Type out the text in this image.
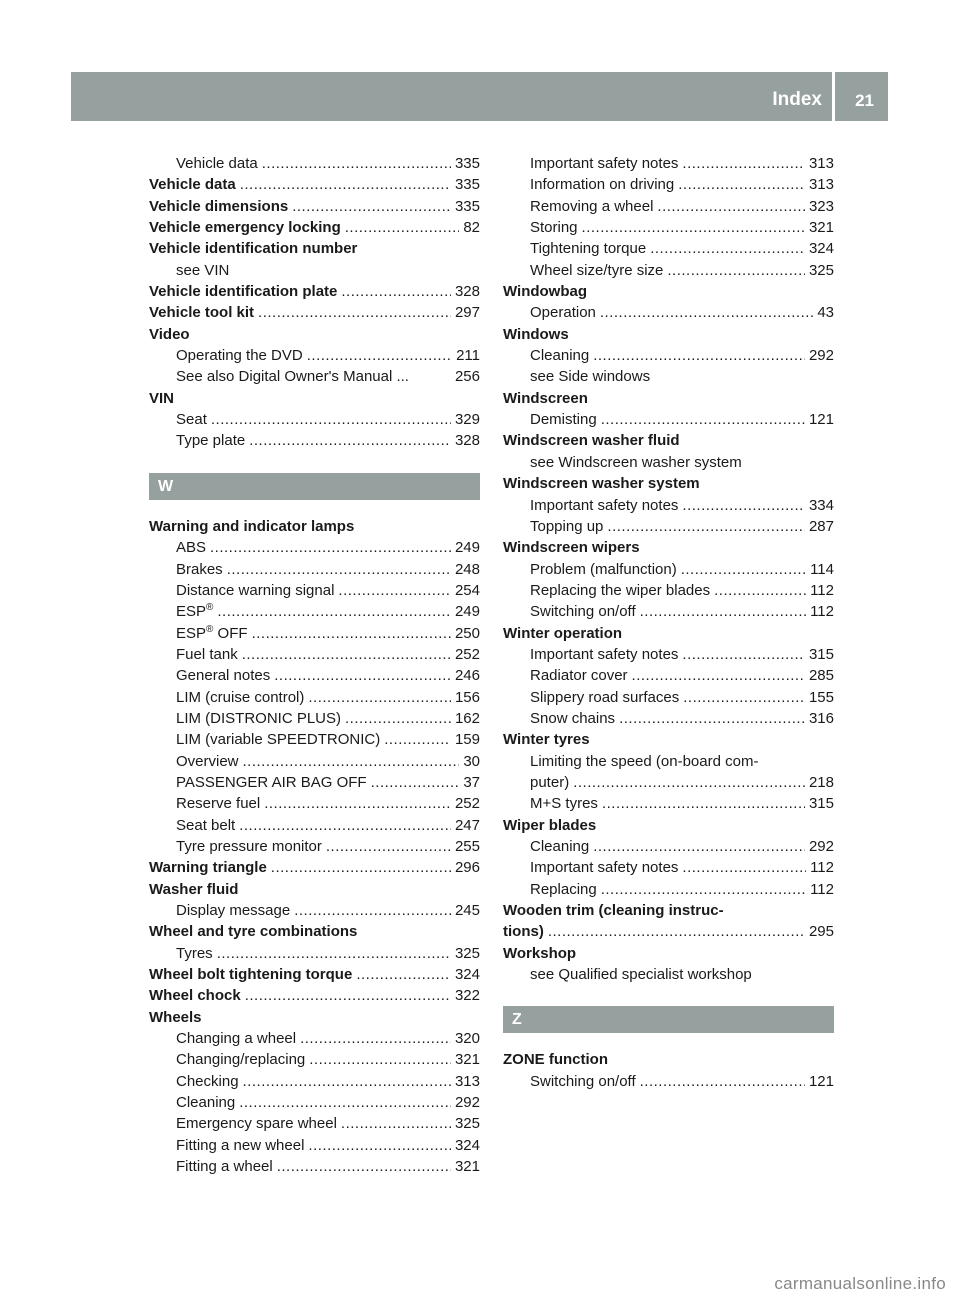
Index 21
Vehicle data .....	335
Vehicle data .....	335
Vehicle dimensions .....	335
Vehicle emergency locking .....	82
Vehicle identification number
see VIN
Vehicle identification plate .....	328
Vehicle tool kit .....	297
Video
Operating the DVD .....	211
See also Digital Owner's Manual ...	256
VIN
Seat .....	329
Type plate .....	328
W
Warning and indicator lamps
ABS .....	249
Brakes .....	248
Distance warning signal .....	254
ESP® .....	249
ESP® OFF .....	250
Fuel tank .....	252
General notes .....	246
LIM (cruise control) .....	156
LIM (DISTRONIC PLUS) .....	162
LIM (variable SPEEDTRONIC) .....	159
Overview .....	30
PASSENGER AIR BAG OFF .....	37
Reserve fuel .....	252
Seat belt .....	247
Tyre pressure monitor .....	255
Warning triangle .....	296
Washer fluid
Display message .....	245
Wheel and tyre combinations
Tyres .....	325
Wheel bolt tightening torque .....	324
Wheel chock .....	322
Wheels
Changing a wheel .....	320
Changing/replacing .....	321
Checking .....	313
Cleaning .....	292
Emergency spare wheel .....	325
Fitting a new wheel .....	324
Fitting a wheel .....	321
Important safety notes .....	313
Information on driving .....	313
Removing a wheel .....	323
Storing .....	321
Tightening torque .....	324
Wheel size/tyre size .....	325
Windowbag
Operation .....	43
Windows
Cleaning .....	292
see Side windows
Windscreen
Demisting .....	121
Windscreen washer fluid
see Windscreen washer system
Windscreen washer system
Important safety notes .....	334
Topping up .....	287
Windscreen wipers
Problem (malfunction) .....	114
Replacing the wiper blades .....	112
Switching on/off .....	112
Winter operation
Important safety notes .....	315
Radiator cover .....	285
Slippery road surfaces .....	155
Snow chains .....	316
Winter tyres
Limiting the speed (on-board com-
puter) .....	218
M+S tyres .....	315
Wiper blades
Cleaning .....	292
Important safety notes .....	112
Replacing .....	112
Wooden trim (cleaning instruc-
tions) .....	295
Workshop
see Qualified specialist workshop
Z
ZONE function
Switching on/off .....	121
carmanualsonline.info
